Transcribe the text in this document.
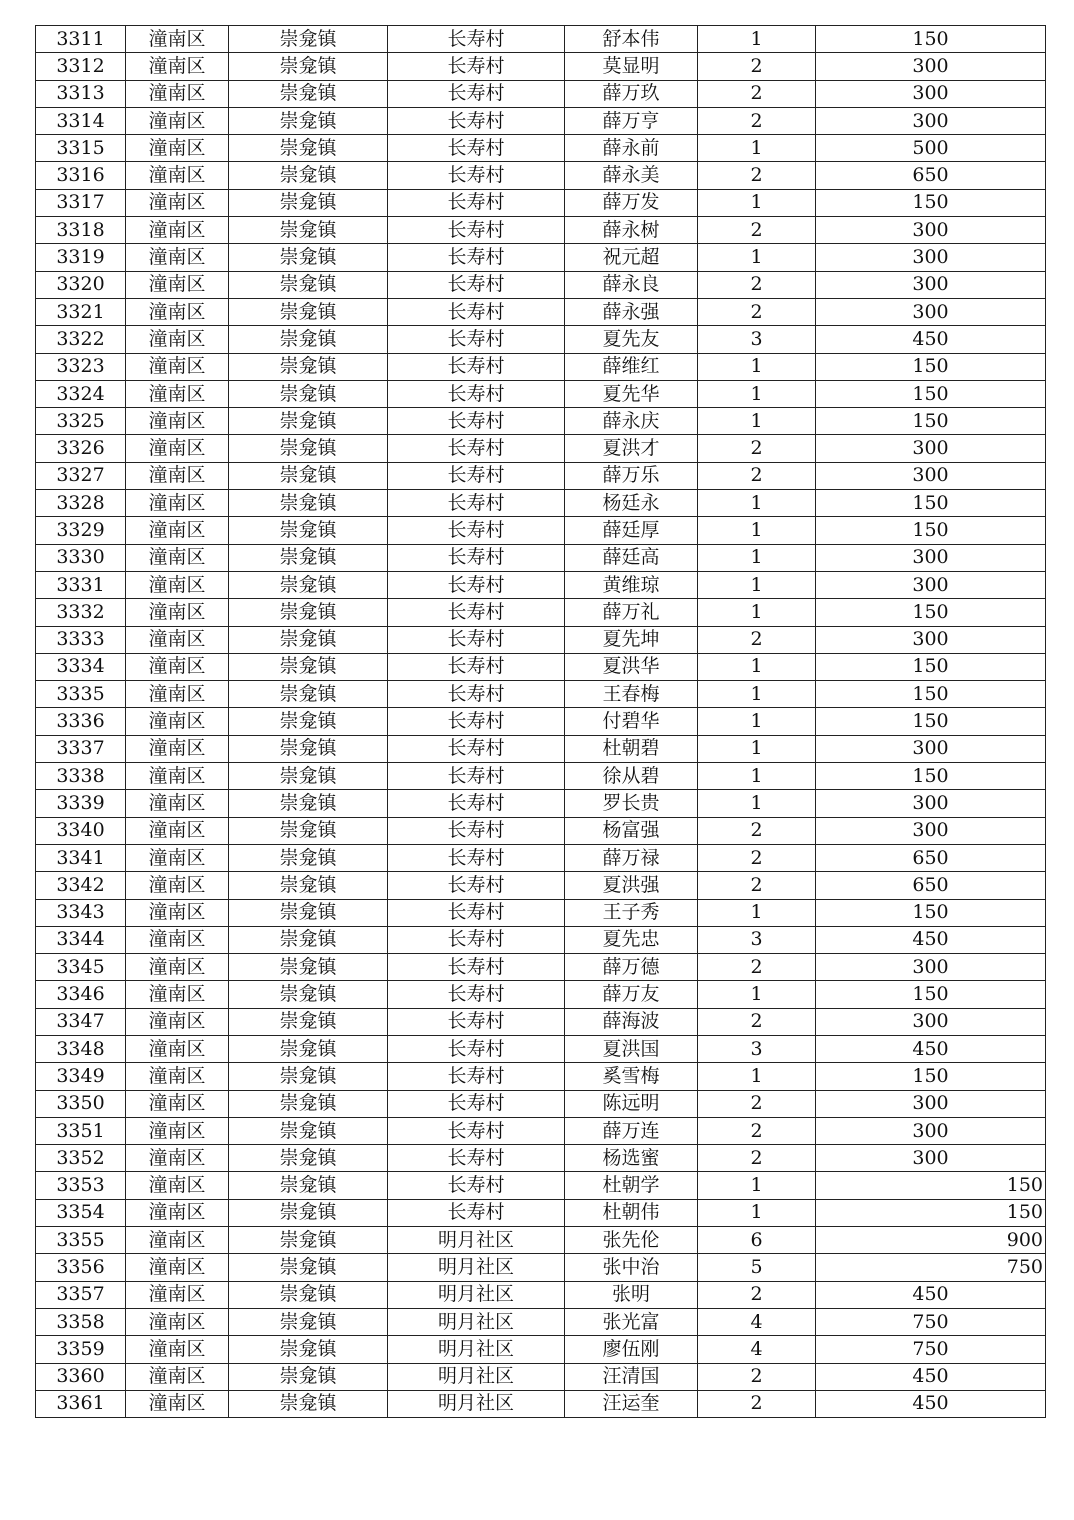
3311	潼南区	崇龛镇	长寿村	舒本伟	1	150
3312	潼南区	崇龛镇	长寿村	莫显明	2	300
3313	潼南区	崇龛镇	长寿村	薛万玖	2	300
3314	潼南区	崇龛镇	长寿村	薛万亨	2	300
3315	潼南区	崇龛镇	长寿村	薛永前	1	500
3316	潼南区	崇龛镇	长寿村	薛永美	2	650
3317	潼南区	崇龛镇	长寿村	薛万发	1	150
3318	潼南区	崇龛镇	长寿村	薛永树	2	300
3319	潼南区	崇龛镇	长寿村	祝元超	1	300
3320	潼南区	崇龛镇	长寿村	薛永良	2	300
3321	潼南区	崇龛镇	长寿村	薛永强	2	300
3322	潼南区	崇龛镇	长寿村	夏先友	3	450
3323	潼南区	崇龛镇	长寿村	薛维红	1	150
3324	潼南区	崇龛镇	长寿村	夏先华	1	150
3325	潼南区	崇龛镇	长寿村	薛永庆	1	150
3326	潼南区	崇龛镇	长寿村	夏洪才	2	300
3327	潼南区	崇龛镇	长寿村	薛万乐	2	300
3328	潼南区	崇龛镇	长寿村	杨廷永	1	150
3329	潼南区	崇龛镇	长寿村	薛廷厚	1	150
3330	潼南区	崇龛镇	长寿村	薛廷高	1	300
3331	潼南区	崇龛镇	长寿村	黄维琼	1	300
3332	潼南区	崇龛镇	长寿村	薛万礼	1	150
3333	潼南区	崇龛镇	长寿村	夏先坤	2	300
3334	潼南区	崇龛镇	长寿村	夏洪华	1	150
3335	潼南区	崇龛镇	长寿村	王春梅	1	150
3336	潼南区	崇龛镇	长寿村	付碧华	1	150
3337	潼南区	崇龛镇	长寿村	杜朝碧	1	300
3338	潼南区	崇龛镇	长寿村	徐从碧	1	150
3339	潼南区	崇龛镇	长寿村	罗长贵	1	300
3340	潼南区	崇龛镇	长寿村	杨富强	2	300
3341	潼南区	崇龛镇	长寿村	薛万禄	2	650
3342	潼南区	崇龛镇	长寿村	夏洪强	2	650
3343	潼南区	崇龛镇	长寿村	王子秀	1	150
3344	潼南区	崇龛镇	长寿村	夏先忠	3	450
3345	潼南区	崇龛镇	长寿村	薛万德	2	300
3346	潼南区	崇龛镇	长寿村	薛万友	1	150
3347	潼南区	崇龛镇	长寿村	薛海波	2	300
3348	潼南区	崇龛镇	长寿村	夏洪国	3	450
3349	潼南区	崇龛镇	长寿村	奚雪梅	1	150
3350	潼南区	崇龛镇	长寿村	陈远明	2	300
3351	潼南区	崇龛镇	长寿村	薛万连	2	300
3352	潼南区	崇龛镇	长寿村	杨选蜜	2	300
3353	潼南区	崇龛镇	长寿村	杜朝学	1	150
3354	潼南区	崇龛镇	长寿村	杜朝伟	1	150
3355	潼南区	崇龛镇	明月社区	张先伦	6	900
3356	潼南区	崇龛镇	明月社区	张中治	5	750
3357	潼南区	崇龛镇	明月社区	张明	2	450
3358	潼南区	崇龛镇	明月社区	张光富	4	750
3359	潼南区	崇龛镇	明月社区	廖伍刚	4	750
3360	潼南区	崇龛镇	明月社区	汪清国	2	450
3361	潼南区	崇龛镇	明月社区	汪运奎	2	450
